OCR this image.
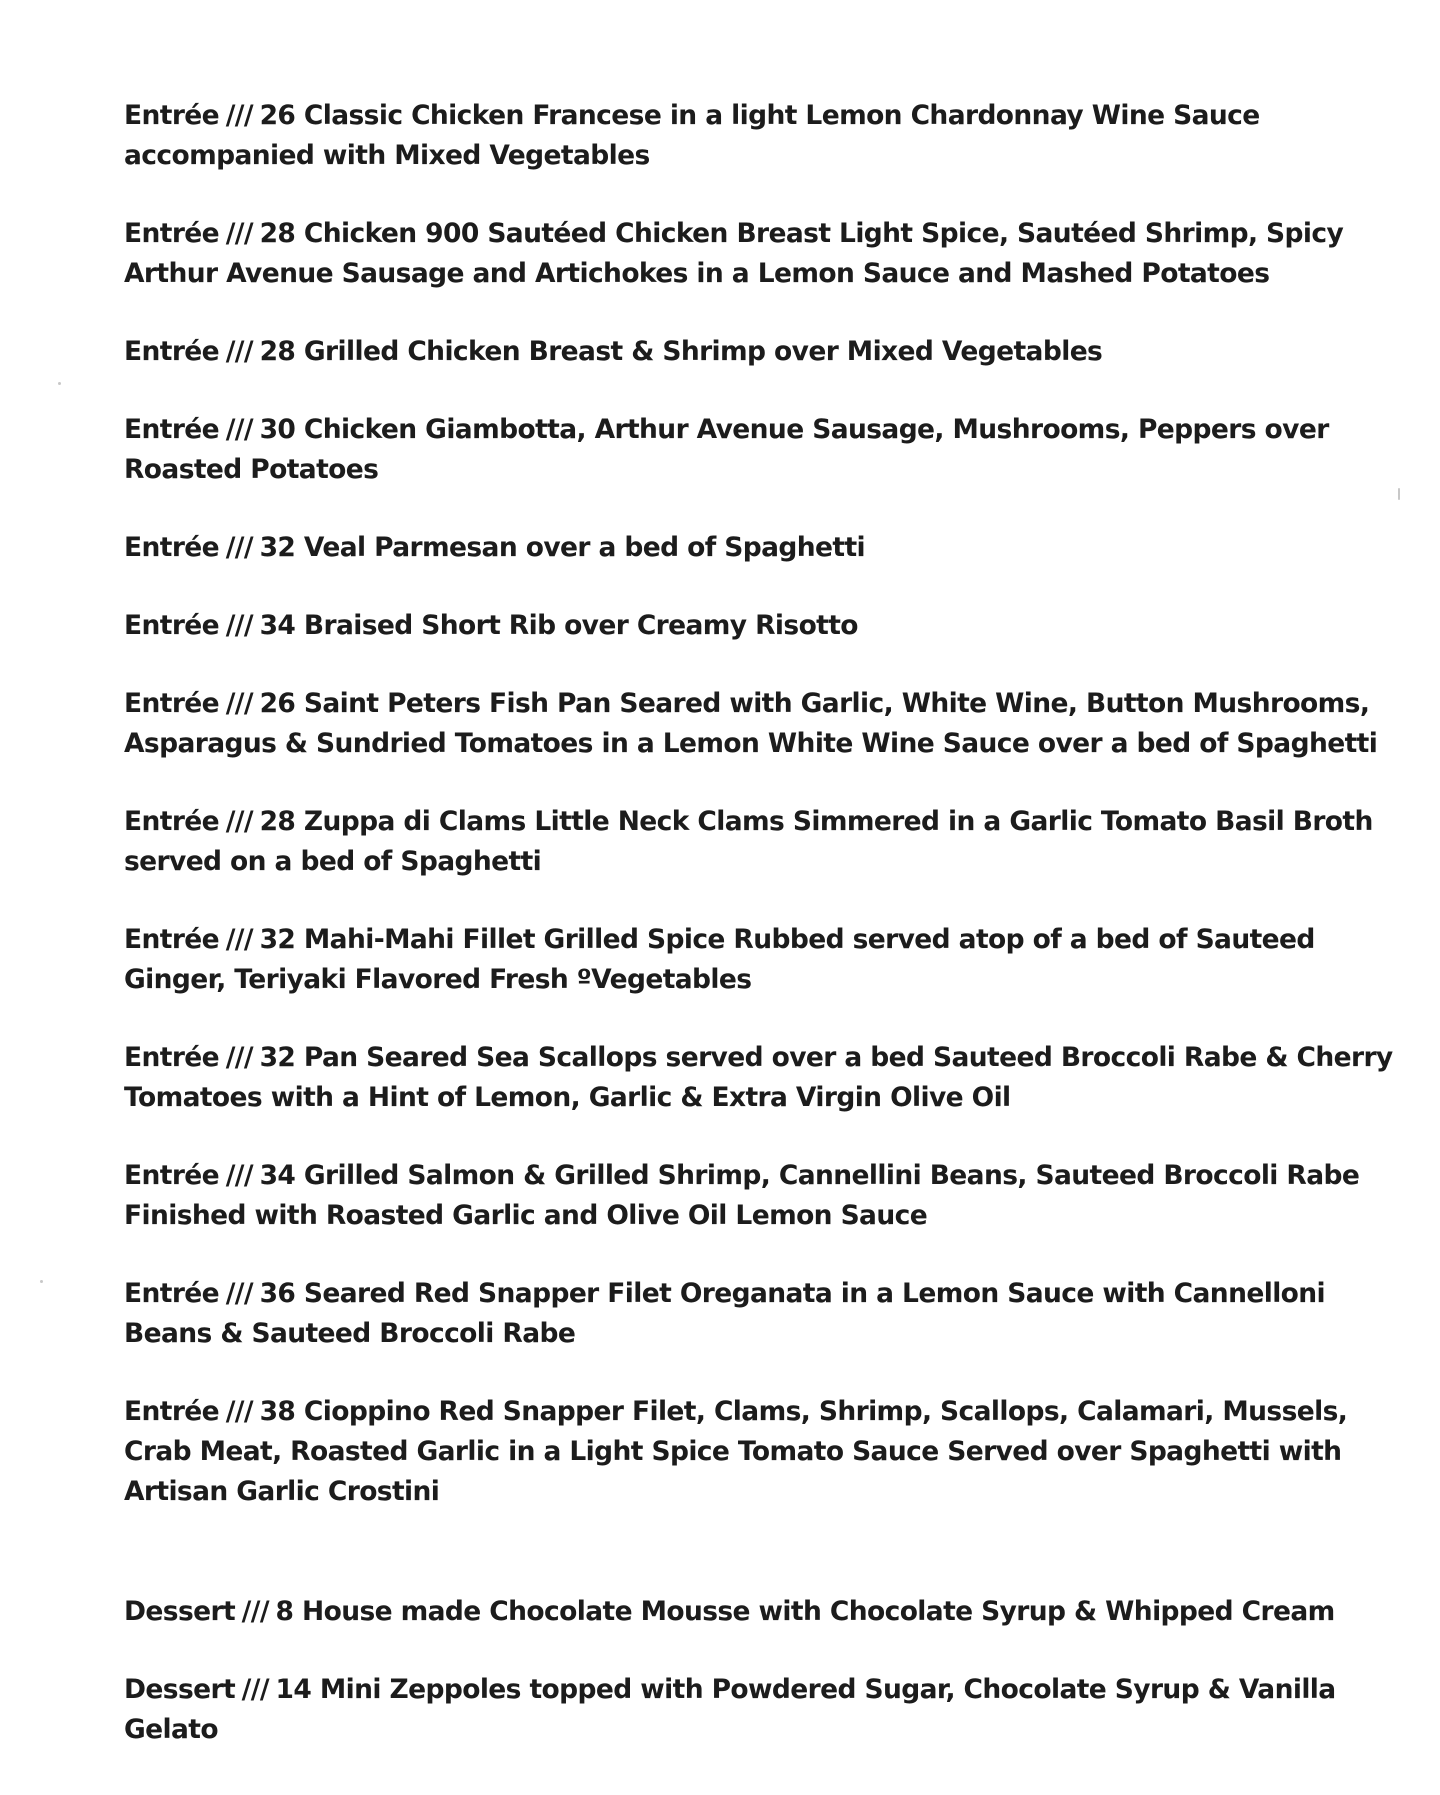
Entrée /// 26 Classic Chicken Francese in a light Lemon Chardonnay Wine Sauce accompanied with Mixed Vegetables
Entrée /// 28 Chicken 900 Sautéed Chicken Breast Light Spice, Sautéed Shrimp, Spicy Arthur Avenue Sausage and Artichokes in a Lemon Sauce and Mashed Potatoes
Entrée /// 28 Grilled Chicken Breast & Shrimp over Mixed Vegetables
Entrée /// 30 Chicken Giambotta, Arthur Avenue Sausage, Mushrooms, Peppers over Roasted Potatoes
Entrée /// 32 Veal Parmesan over a bed of Spaghetti
Entrée /// 34 Braised Short Rib over Creamy Risotto
Entrée /// 26 Saint Peters Fish Pan Seared with Garlic, White Wine, Button Mushrooms, Asparagus & Sundried Tomatoes in a Lemon White Wine Sauce over a bed of Spaghetti
Entrée /// 28 Zuppa di Clams Little Neck Clams Simmered in a Garlic Tomato Basil Broth served on a bed of Spaghetti
Entrée /// 32 Mahi-Mahi Fillet Grilled Spice Rubbed served atop of a bed of Sauteed Ginger, Teriyaki Flavored Fresh ºVegetables
Entrée /// 32 Pan Seared Sea Scallops served over a bed Sauteed Broccoli Rabe & Cherry Tomatoes with a Hint of Lemon, Garlic & Extra Virgin Olive Oil
Entrée /// 34 Grilled Salmon & Grilled Shrimp, Cannellini Beans, Sauteed Broccoli Rabe Finished with Roasted Garlic and Olive Oil Lemon Sauce
Entrée /// 36 Seared Red Snapper Filet Oreganata in a Lemon Sauce with Cannelloni Beans & Sauteed Broccoli Rabe
Entrée /// 38 Cioppino Red Snapper Filet, Clams, Shrimp, Scallops, Calamari, Mussels, Crab Meat, Roasted Garlic in a Light Spice Tomato Sauce Served over Spaghetti with Artisan Garlic Crostini
Dessert /// 8 House made Chocolate Mousse with Chocolate Syrup & Whipped Cream
Dessert /// 14 Mini Zeppoles topped with Powdered Sugar, Chocolate Syrup & Vanilla Gelato
